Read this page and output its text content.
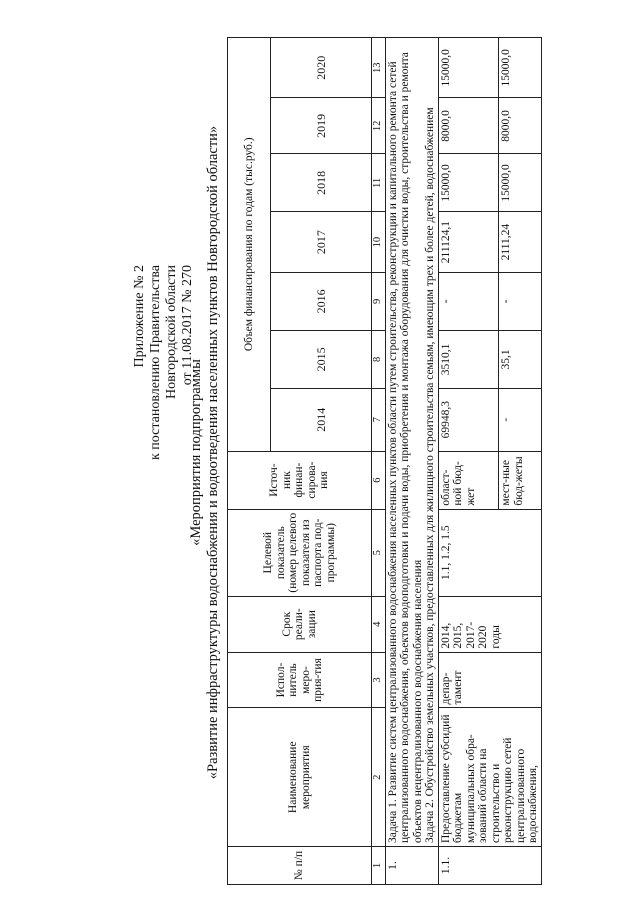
Приложение № 2 к постановлению Правительства Новгородской области от 11.08.2017 № 270
«Мероприятия подпрограммы «Развитие инфраструктуры водоснабжения и водоотведения населенных пунктов Новгородской области»
№ п/п	Наименование мероприятия	Испол-нитель меро-прия-тия	Срок реали-зации	Целевой показатель (номер целевого показателя из паспорта под-программы)	Источ-ник финан-сирова-ния	Объем финансирования по годам (тыс.руб.)						
						2014	2015	2016	2017	2018	2019	2020
1	2	3	4	5	6	7	8	9	10	11	12	13
1.	Задача 1. Развитие систем централизованного водоснабжения населенных пунктов области путем строительства, реконструкции и капитального ремонта сетей централизованного водоснабжения, объектов водоподготовки и подачи воды, приобретения и монтажа оборудования для очистки воды, строительства и ремонта объектов нецентрализованного водоснабжения населения Задача 2. Обустройство земельных участков, предоставленных для жилищного строительства семьям, имеющим трех и более детей, водоснабжением											

1.1.	Предоставление субсидий бюджетам муниципальных обра-зований области на строительство и реконструкцию сетей централизованного водоснабжения,	депар-тамент	2014, 2015, 2017-2020 годы	1.1, 1.2, 1.5	област-ной бюд-жет	69948,3	3510,1	-	211124,1	15000,0	8000,0	15000,0
					мест-ные бюд-жеты	-	35,1	-	2111,24	15000,0	8000,0	15000,0
